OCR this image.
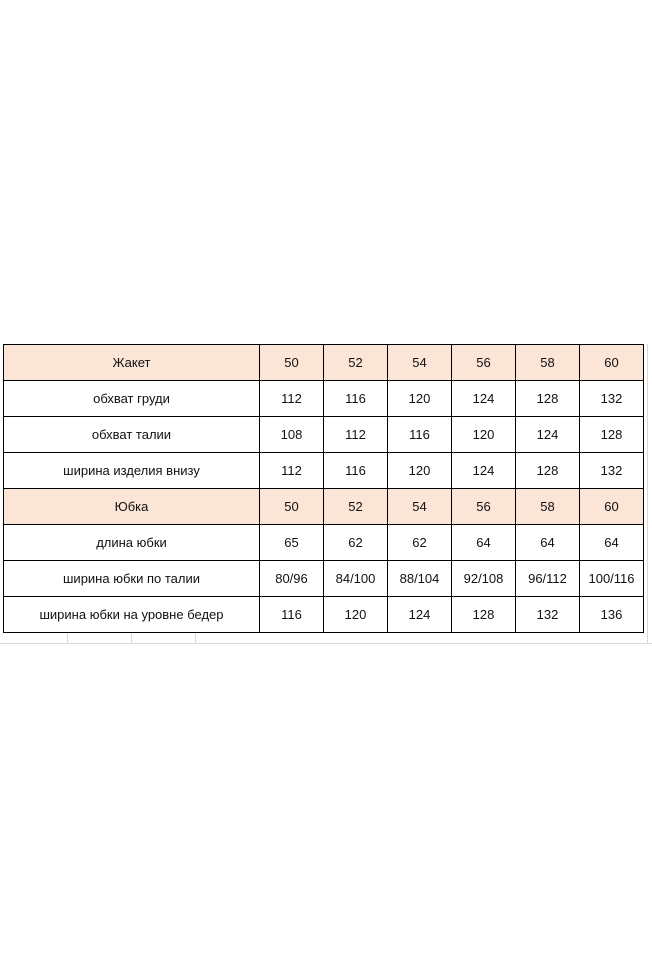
Жакет	50	52	54	56	58	60
обхват груди	112	116	120	124	128	132
обхват талии	108	112	116	120	124	128
ширина изделия внизу	112	116	120	124	128	132
Юбка	50	52	54	56	58	60
длина юбки	65	62	62	64	64	64
ширина юбки по талии	80/96	84/100	88/104	92/108	96/112	100/116
ширина юбки на уровне бедер	116	120	124	128	132	136
